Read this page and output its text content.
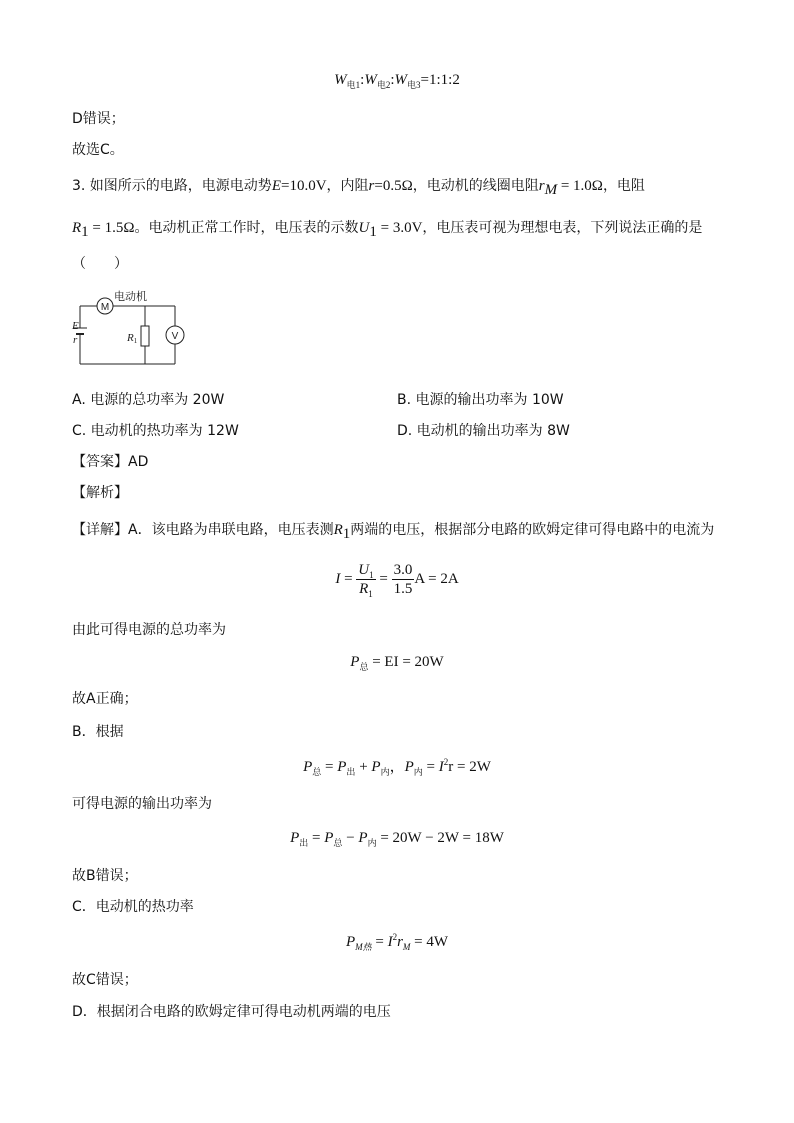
$W_{电1}:W_{电2}:W_{电3}=1:1:2$
D错误；
故选C。
3. 如图所示的电路，电源电动势E=10.0V，内阻r=0.5Ω，电动机的线圈电阻$r_M = 1.0\Omega$，电阻
$R_1 = 1.5\Omega$。电动机正常工作时，电压表的示数$U_1 = 3.0V$，电压表可视为理想电表，下列说法正确的是
（　　）
M
电动机
E
r	R1	V
A. 电源的总功率为 20W	B. 电源的输出功率为 10W
C. 电动机的热功率为 12W	D. 电动机的输出功率为 8W
【答案】AD
【解析】
【详解】A．该电路为串联电路，电压表测$R_1$两端的电压，根据部分电路的欧姆定律可得电路中的电流为
$I = \frac{U_1}{R_1} = \frac{3.0}{1.5}$ A = 2A
由此可得电源的总功率为
$P_总$ = EI = 20W
故A正确；
B．根据
$P_总 = P_出 + P_内$，$P_内 = I^2r = 2W$
可得电源的输出功率为
$P_出 = P_总 - P_内 = 20W - 2W = 18W$
故B错误；
C．电动机的热功率
$P_{M热} = I^2r_M = 4W$
故C错误；
D．根据闭合电路的欧姆定律可得电动机两端的电压
